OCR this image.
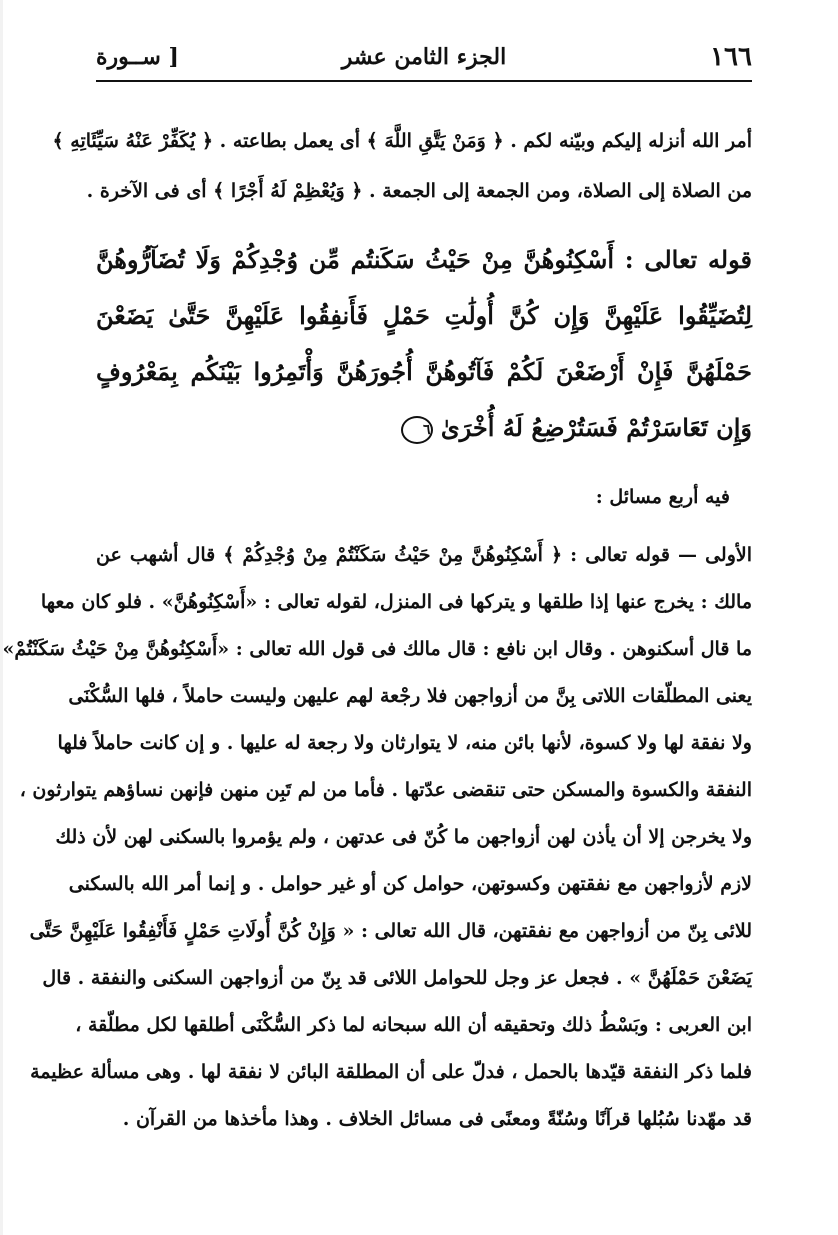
١٦٦
الجزء الثامن عشر
[ ســورة
أمر الله أنزله إليكم وبيّنه لكم . ﴿ وَمَنْ يَتَّقِ اللَّهَ ﴾ أى يعمل بطاعته . ﴿ يُكَفِّرْ عَنْهُ سَيِّئَاتِهِ ﴾
من الصلاة إلى الصلاة، ومن الجمعة إلى الجمعة . ﴿ وَيُعْظِمْ لَهُ أَجْرًا ﴾ أى فى الآخرة .
قوله تعالى : أَسْكِنُوهُنَّ مِنْ حَيْثُ سَكَنتُم مِّن وُجْدِكُمْ وَلَا تُضَآرُّوهُنَّ
لِتُضَيِّقُوا عَلَيْهِنَّ وَإِن كُنَّ أُولَٰتِ حَمْلٍ فَأَنفِقُوا عَلَيْهِنَّ حَتَّىٰ يَضَعْنَ
حَمْلَهُنَّ فَإِنْ أَرْضَعْنَ لَكُمْ فَآتُوهُنَّ أُجُورَهُنَّ وَأْتَمِرُوا بَيْنَكُم بِمَعْرُوفٍ
وَإِن تَعَاسَرْتُمْ فَسَتُرْضِعُ لَهُ أُخْرَىٰ ٦
فيه أربع مسائل :
الأولى — قوله تعالى : ﴿ أَسْكِنُوهُنَّ مِنْ حَيْثُ سَكَنْتُمْ مِنْ وُجْدِكُمْ ﴾ قال أشهب عن
مالك : يخرج عنها إذا طلقها و يتركها فى المنزل، لقوله تعالى : «أَسْكِنُوهُنَّ» . فلو كان معها
ما قال أسكنوهن . وقال ابن نافع : قال مالك فى قول الله تعالى : «أَسْكِنُوهُنَّ مِنْ حَيْثُ سَكَنْتُمْ»
يعنى المطلّقات اللاتى بِنَّ من أزواجهن فلا رجْعة لهم عليهن وليست حاملاً ، فلها السُّكْنَى
ولا نفقة لها ولا كسوة، لأنها بائن منه، لا يتوارثان ولا رجعة له عليها . و إن كانت حاملاً فلها
النفقة والكسوة والمسكن حتى تنقضى عدّتها . فأما من لم تَبِن منهن فإنهن نساؤهم يتوارثون ،
ولا يخرجن إلا أن يأذن لهن أزواجهن ما كُنّ فى عدتهن ، ولم يؤمروا بالسكنى لهن لأن ذلك
لازم لأزواجهن مع نفقتهن وكسوتهن، حوامل كن أو غير حوامل . و إنما أمر الله بالسكنى
للائى بِنّ من أزواجهن مع نفقتهن، قال الله تعالى : « وَإِنْ كُنَّ أُولَاتِ حَمْلٍ فَأَنْفِقُوا عَلَيْهِنَّ حَتَّى
يَضَعْنَ حَمْلَهُنَّ » . فجعل عز وجل للحوامل اللائى قد بِنّ من أزواجهن السكنى والنفقة . قال
ابن العربى : وبَسْطُ ذلك وتحقيقه أن الله سبحانه لما ذكر السُّكْنَى أطلقها لكل مطلّقة ،
فلما ذكر النفقة قيّدها بالحمل ، فدلّ على أن المطلقة البائن لا نفقة لها . وهى مسألة عظيمة
قد مهّدنا سُبُلها قرآنًا وسُنّةً ومعنًى فى مسائل الخلاف . وهذا مأخذها من القرآن .
